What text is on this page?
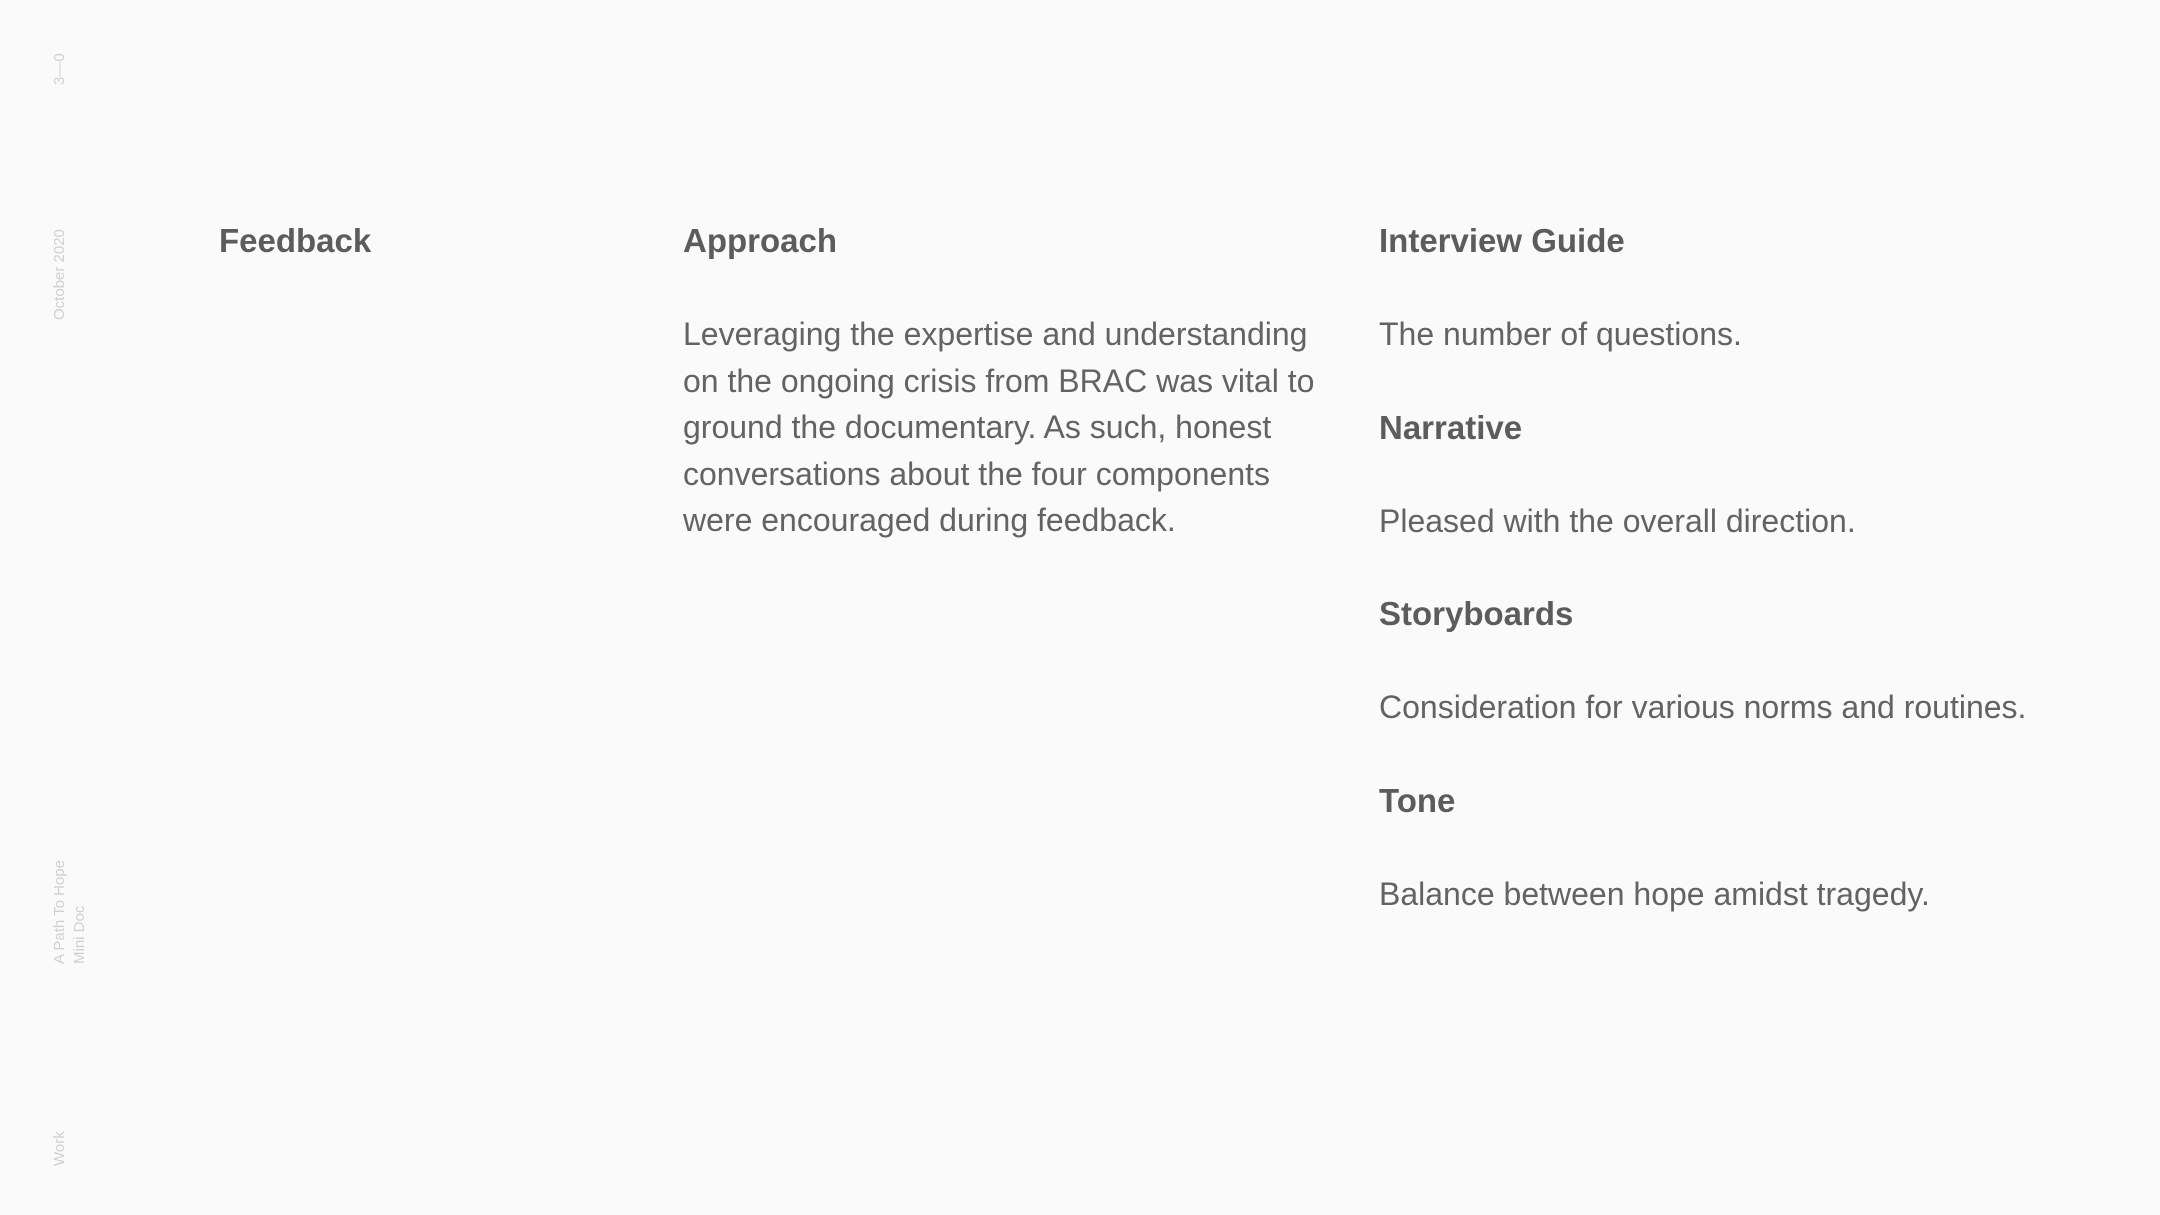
3—0
October 2020
A Path To Hope Mini Doc
Work
Feedback	Approach

Leveraging the expertise and understanding on the ongoing crisis from BRAC was vital to ground the documentary. As such, honest conversations about the four components were encouraged during feedback.

Interview Guide

The number of questions.

Narrative

Pleased with the overall direction.

Storyboards

Consideration for various norms and routines.

Tone

Balance between hope amidst tragedy.
